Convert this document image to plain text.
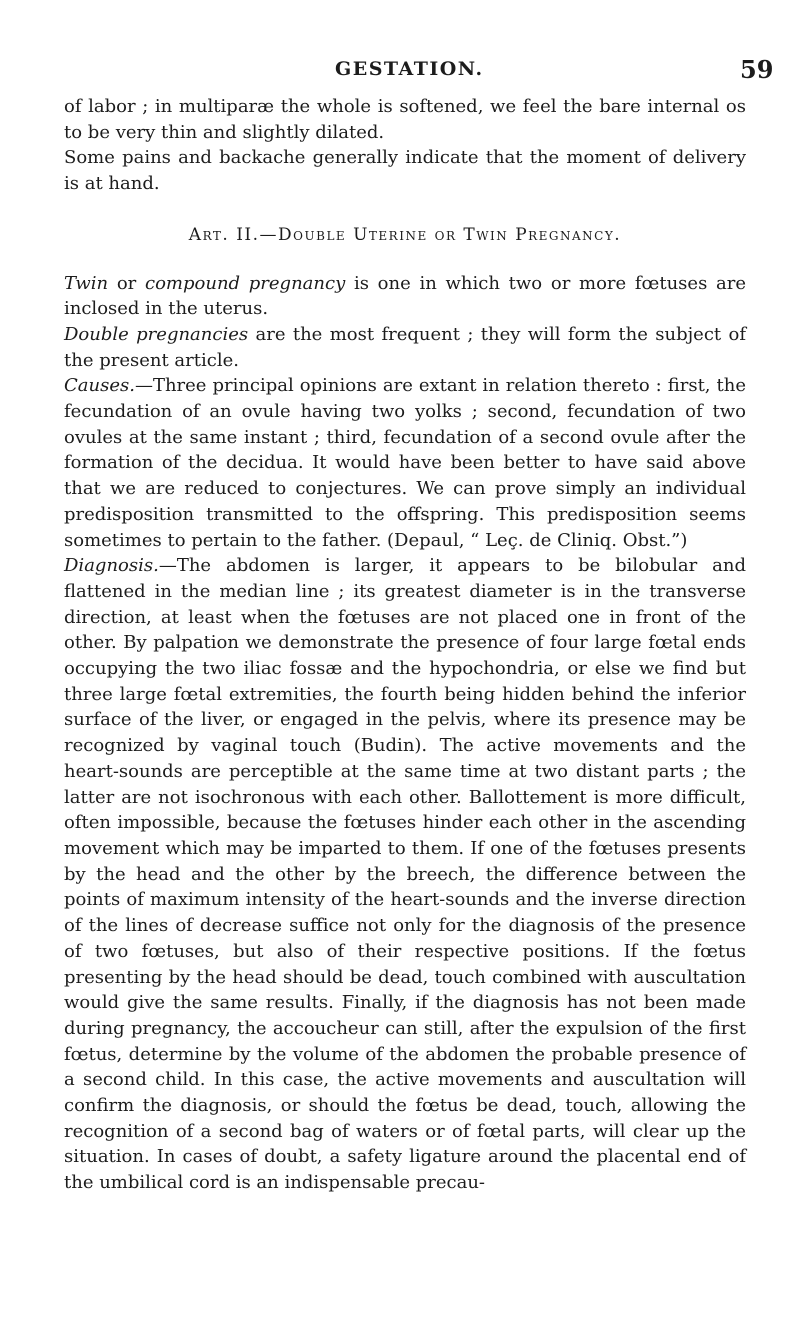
GESTATION.	59

of labor ; in multiparæ the whole is softened, we feel the bare internal os to be very thin and slightly dilated.

Some pains and backache generally indicate that the moment of delivery is at hand.

Art. II.—Double Uterine or Twin Pregnancy.

Twin or compound pregnancy is one in which two or more fœtuses are inclosed in the uterus.

Double pregnancies are the most frequent ; they will form the subject of the present article.

Causes.—Three principal opinions are extant in relation thereto : first, the fecundation of an ovule having two yolks ; second, fecundation of two ovules at the same instant ; third, fecundation of a second ovule after the formation of the decidua. It would have been better to have said above that we are reduced to conjectures. We can prove simply an individual predisposition transmitted to the offspring. This predisposition seems sometimes to pertain to the father. (Depaul, “ Leç. de Cliniq. Obst.”)

Diagnosis.—The abdomen is larger, it appears to be bilobular and flattened in the median line ; its greatest diameter is in the transverse direction, at least when the fœtuses are not placed one in front of the other. By palpation we demonstrate the presence of four large fœtal ends occupying the two iliac fossæ and the hypochondria, or else we find but three large fœtal extremities, the fourth being hidden behind the inferior surface of the liver, or engaged in the pelvis, where its presence may be recognized by vaginal touch (Budin). The active movements and the heart-sounds are perceptible at the same time at two distant parts ; the latter are not isochronous with each other. Ballottement is more difficult, often impossible, because the fœtuses hinder each other in the ascending movement which may be imparted to them. If one of the fœtuses presents by the head and the other by the breech, the difference between the points of maximum intensity of the heart-sounds and the inverse direction of the lines of decrease suffice not only for the diagnosis of the presence of two fœtuses, but also of their respective positions. If the fœtus presenting by the head should be dead, touch combined with auscultation would give the same results. Finally, if the diagnosis has not been made during pregnancy, the accoucheur can still, after the expulsion of the first fœtus, determine by the volume of the abdomen the probable presence of a second child. In this case, the active movements and auscultation will confirm the diagnosis, or should the fœtus be dead, touch, allowing the recognition of a second bag of waters or of fœtal parts, will clear up the situation. In cases of doubt, a safety ligature around the placental end of the umbilical cord is an indispensable precau-
